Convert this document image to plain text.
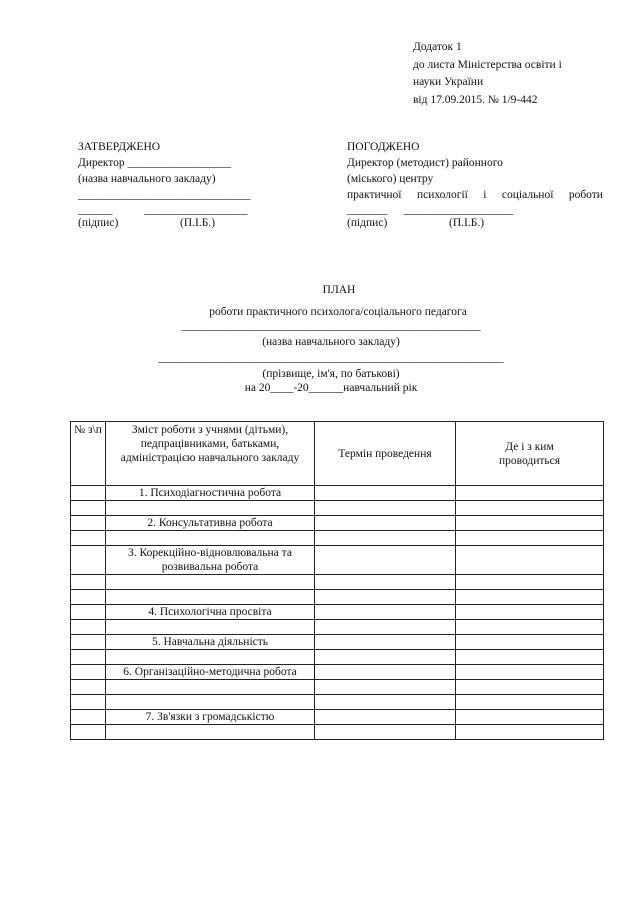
Додаток 1
до листа Міністерства освіти і
науки України
від 17.09.2015. № 1/9-442
ЗАТВЕРДЖЕНО
Директор __________________
(назва навчального закладу)
______________________________
______	__________________
(підпис)	(П.І.Б.)
ПОГОДЖЕНО
Директор (методист) районного
(міського) центру
практичної психології і соціальної роботи
_______ ___________________
(підпис)	(П.І.Б.)
ПЛАН
роботи практичного психолога/соціального педагога
____________________________________________________
(назва навчального закладу)
____________________________________________________________
(прізвище, ім'я, по батькові)
на 20____-20______навчальний рік
№ з\п	Зміст роботи з учнями (дітьми), педпрацівниками, батьками, адміністрацією навчального закладу	Термін проведення	Де і з ким проводиться
	1. Психодіагностична робота		

	2. Консультативна робота		

	3. Корекційно-відновлювальна та розвивальна робота		

	4. Психологічна просвіта		

	5. Навчальна діяльність		

	6. Організаційно-методична робота		

	7. Зв'язки з громадськістю		
